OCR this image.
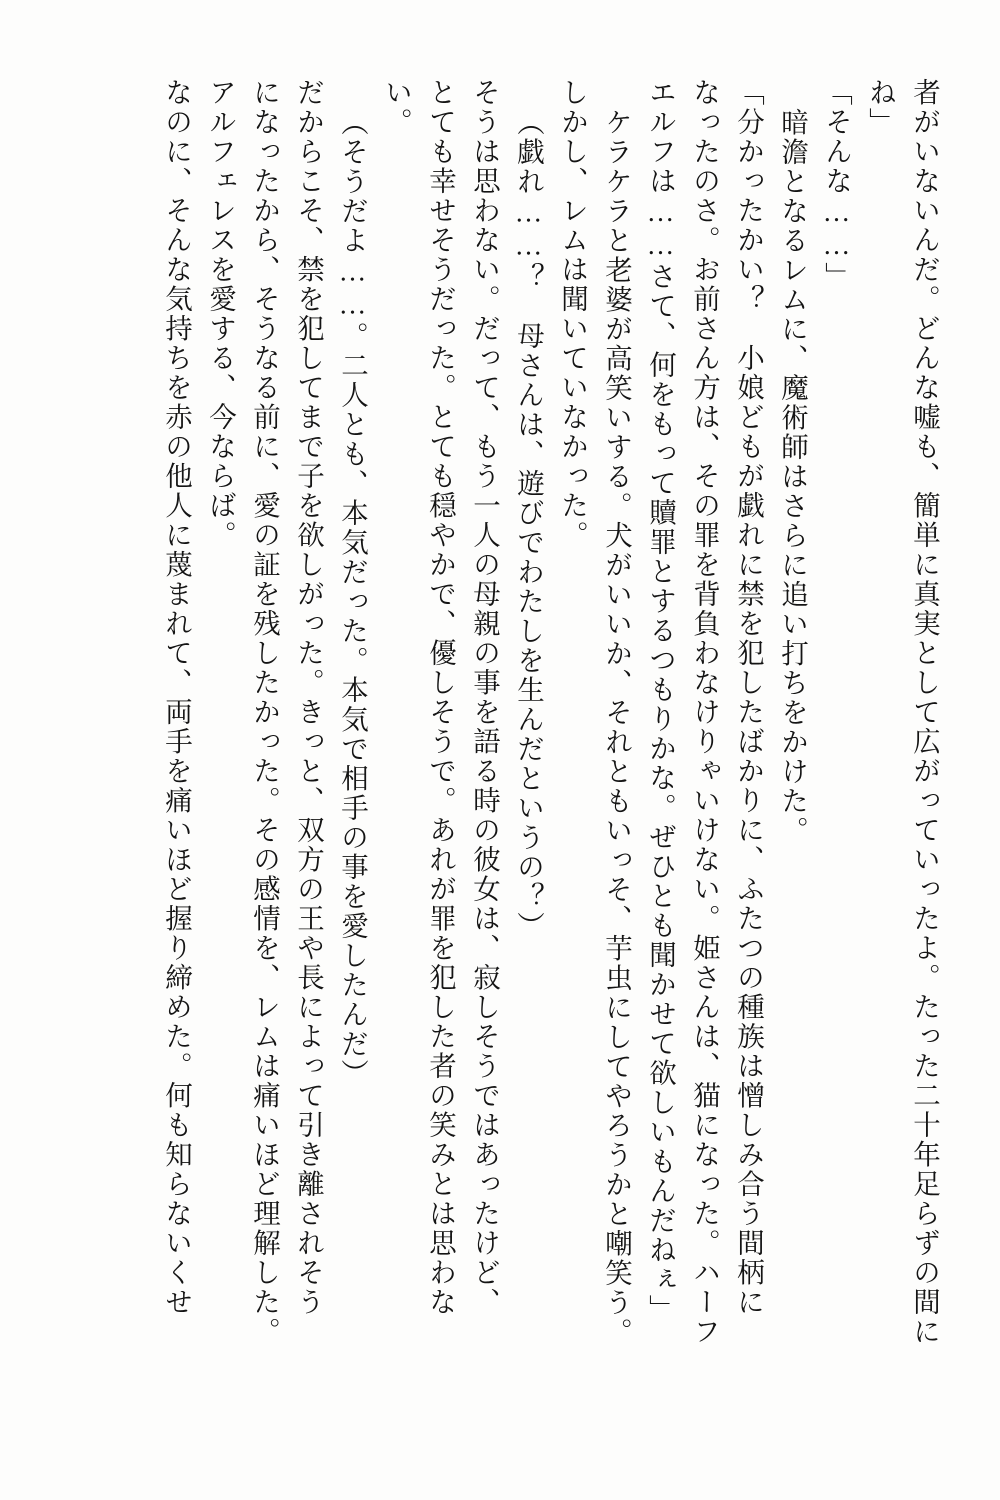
者がいないんだ。どんな嘘も、簡単に真実として広がっていったよ。たった二十年足らずの間に
ね」
「そんな……」
暗澹となるレムに、魔術師はさらに追い打ちをかけた。
「分かったかい？　小娘どもが戯れに禁を犯したばかりに、ふたつの種族は憎しみ合う間柄に
なったのさ。お前さん方は、その罪を背負わなけりゃいけない。姫さんは、猫になった。ハーフ
エルフは……さて、何をもって贖罪とするつもりかな。ぜひとも聞かせて欲しいもんだねぇ」
ケラケラと老婆が高笑いする。犬がいいか、それともいっそ、芋虫にしてやろうかと嘲笑う。
しかし、レムは聞いていなかった。
（戯れ……？　母さんは、遊びでわたしを生んだというの？）
そうは思わない。だって、もう一人の母親の事を語る時の彼女は、寂しそうではあったけど、
とても幸せそうだった。とても穏やかで、優しそうで。あれが罪を犯した者の笑みとは思わな
い。
（そうだよ……。二人とも、本気だった。本気で相手の事を愛したんだ）
だからこそ、禁を犯してまで子を欲しがった。きっと、双方の王や長によって引き離されそう
になったから、そうなる前に、愛の証を残したかった。その感情を、レムは痛いほど理解した。
アルフェレスを愛する、今ならば。
なのに、そんな気持ちを赤の他人に蔑まれて、両手を痛いほど握り締めた。何も知らないくせ
